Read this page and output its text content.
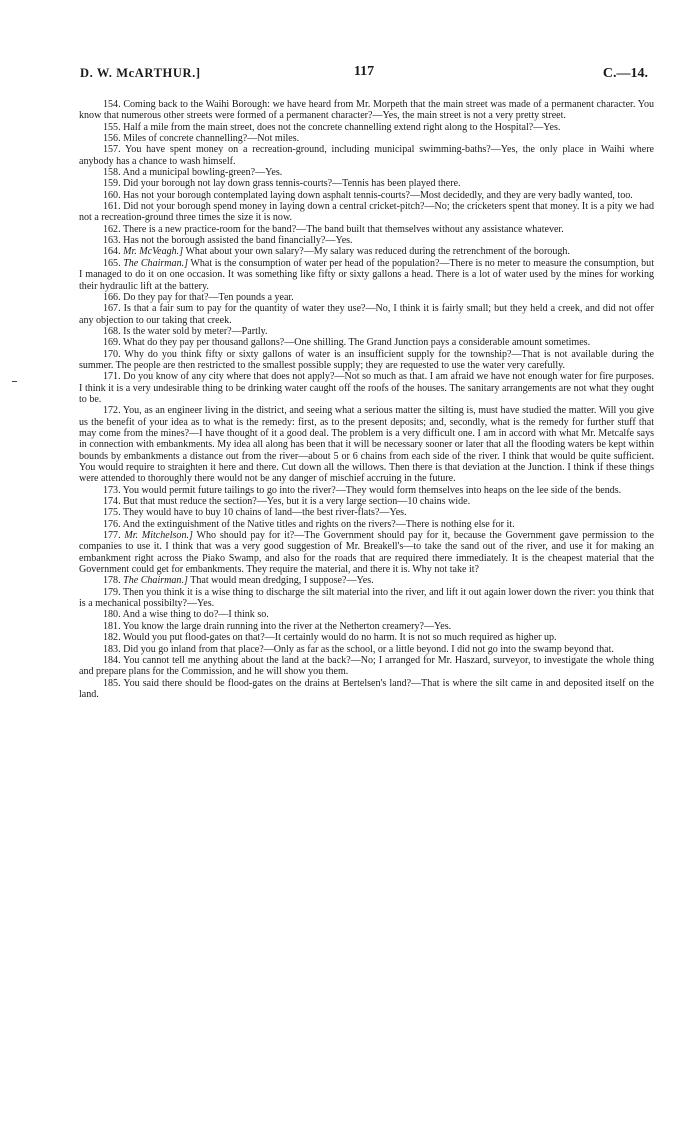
D. W. McARTHUR.]	117	C.—14.

154. Coming back to the Waihi Borough: we have heard from Mr. Morpeth that the main street was made of a permanent character. You know that numerous other streets were formed of a permanent character?—Yes, the main street is not a very pretty street.

155. Half a mile from the main street, does not the concrete channelling extend right along to the Hospital?—Yes.

156. Miles of concrete channelling?—Not miles.

157. You have spent money on a recreation-ground, including municipal swimming-baths?—Yes, the only place in Waihi where anybody has a chance to wash himself.

158. And a municipal bowling-green?—Yes.

159. Did your borough not lay down grass tennis-courts?—Tennis has been played there.

160. Has not your borough contemplated laying down asphalt tennis-courts?—Most decidedly, and they are very badly wanted, too.

161. Did not your borough spend money in laying down a central cricket-pitch?—No; the cricketers spent that money. It is a pity we had not a recreation-ground three times the size it is now.

162. There is a new practice-room for the band?—The band built that themselves without any assistance whatever.

163. Has not the borough assisted the band financially?—Yes.

164. Mr. McVeagh.] What about your own salary?—My salary was reduced during the retrenchment of the borough.

165. The Chairman.] What is the consumption of water per head of the population?—There is no meter to measure the consumption, but I managed to do it on one occasion. It was something like fifty or sixty gallons a head. There is a lot of water used by the mines for working their hydraulic lift at the battery.

166. Do they pay for that?—Ten pounds a year.

167. Is that a fair sum to pay for the quantity of water they use?—No, I think it is fairly small; but they held a creek, and did not offer any objection to our taking that creek.

168. Is the water sold by meter?—Partly.

169. What do they pay per thousand gallons?—One shilling. The Grand Junction pays a considerable amount sometimes.

170. Why do you think fifty or sixty gallons of water is an insufficient supply for the township?—That is not available during the summer. The people are then restricted to the smallest possible supply; they are requested to use the water very carefully.

171. Do you know of any city where that does not apply?—Not so much as that. I am afraid we have not enough water for fire purposes. I think it is a very undesirable thing to be drinking water caught off the roofs of the houses. The sanitary arrangements are not what they ought to be.

172. You, as an engineer living in the district, and seeing what a serious matter the silting is, must have studied the matter. Will you give us the benefit of your idea as to what is the remedy: first, as to the present deposits; and, secondly, what is the remedy for further stuff that may come from the mines?—I have thought of it a good deal. The problem is a very difficult one. I am in accord with what Mr. Metcalfe says in connection with embankments. My idea all along has been that it will be necessary sooner or later that all the flooding waters be kept within bounds by embankments a distance out from the river—about 5 or 6 chains from each side of the river. I think that would be quite sufficient. You would require to straighten it here and there. Cut down all the willows. Then there is that deviation at the Junction. I think if these things were attended to thoroughly there would not be any danger of mischief accruing in the future.

173. You would permit future tailings to go into the river?—They would form themselves into heaps on the lee side of the bends.

174. But that must reduce the section?—Yes, but it is a very large section—10 chains wide.

175. They would have to buy 10 chains of land—the best river-flats?—Yes.

176. And the extinguishment of the Native titles and rights on the rivers?—There is nothing else for it.

177. Mr. Mitchelson.] Who should pay for it?—The Government should pay for it, because the Government gave permission to the companies to use it. I think that was a very good suggestion of Mr. Breakell's—to take the sand out of the river, and use it for making an embankment right across the Piako Swamp, and also for the roads that are required there immediately. It is the cheapest material that the Government could get for embankments. They require the material, and there it is. Why not take it?

178. The Chairman.] That would mean dredging, I suppose?—Yes.

179. Then you think it is a wise thing to discharge the silt material into the river, and lift it out again lower down the river: you think that is a mechanical possibilty?—Yes.

180. And a wise thing to do?—I think so.

181. You know the large drain running into the river at the Netherton creamery?—Yes.

182. Would you put flood-gates on that?—It certainly would do no harm. It is not so much required as higher up.

183. Did you go inland from that place?—Only as far as the school, or a little beyond. I did not go into the swamp beyond that.

184. You cannot tell me anything about the land at the back?—No; I arranged for Mr. Haszard, surveyor, to investigate the whole thing and prepare plans for the Commission, and he will show you them.

185. You said there should be flood-gates on the drains at Bertelsen's land?—That is where the silt came in and deposited itself on the land.
